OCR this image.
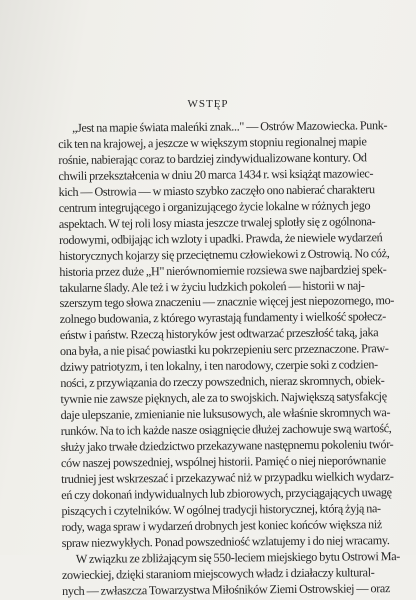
WSTĘP
„Jest na mapie świata maleńki znak..." — Ostrów Mazowiecka. Punk-
cik ten na krajowej, a jeszcze w większym stopniu regionalnej mapie
rośnie, nabierając coraz to bardziej zindywidualizowane kontury. Od
chwili przekształcenia w dniu 20 marca 1434 r. wsi książąt mazowiec-
kich — Ostrowia — w miasto szybko zaczęło ono nabierać charakteru
centrum integrującego i organizującego życie lokalne w różnych jego
aspektach. W tej roli losy miasta jeszcze trwalej splotły się z ogólnona-
rodowymi, odbijając ich wzloty i upadki. Prawda, że niewiele wydarzeń
historycznych kojarzy się przeciętnemu człowiekowi z Ostrowią. No cóż,
historia przez duże „H" nierównomiernie rozsiewa swe najbardziej spek-
takularne ślady. Ale też i w życiu ludzkich pokoleń — historii w naj-
szerszym tego słowa znaczeniu — znacznie więcej jest niepozornego, mo-
zolnego budowania, z którego wyrastają fundamenty i wielkość społecz-
eństw i państw. Rzeczą historyków jest odtwarzać przeszłość taką, jaka
ona była, a nie pisać powiastki ku pokrzepieniu serc przeznaczone. Praw-
dziwy patriotyzm, i ten lokalny, i ten narodowy, czerpie soki z codzien-
ności, z przywiązania do rzeczy powszednich, nieraz skromnych, obiek-
tywnie nie zawsze pięknych, ale za to swojskich. Największą satysfakcję
daje ulepszanie, zmienianie nie luksusowych, ale właśnie skromnych wa-
runków. Na to ich każde nasze osiągnięcie dłużej zachowuje swą wartość,
służy jako trwałe dziedzictwo przekazywane następnemu pokoleniu twór-
ców naszej powszedniej, wspólnej historii. Pamięć o niej nieporównanie
trudniej jest wskrzeszać i przekazywać niż w przypadku wielkich wydarz-
eń czy dokonań indywidualnych lub zbiorowych, przyciągających uwagę
piszących i czytelników. W ogólnej tradycji historycznej, którą żyją na-
rody, waga spraw i wydarzeń drobnych jest koniec końców większa niż
spraw niezwykłych. Ponad powszedniość wzlatujemy i do niej wracamy.
W związku ze zbliżającym się 550-leciem miejskiego bytu Ostrowi Ma-
zowieckiej, dzięki staraniom miejscowych władz i działaczy kultural-
nych — zwłaszcza Towarzystwa Miłośników Ziemi Ostrowskiej — oraz
